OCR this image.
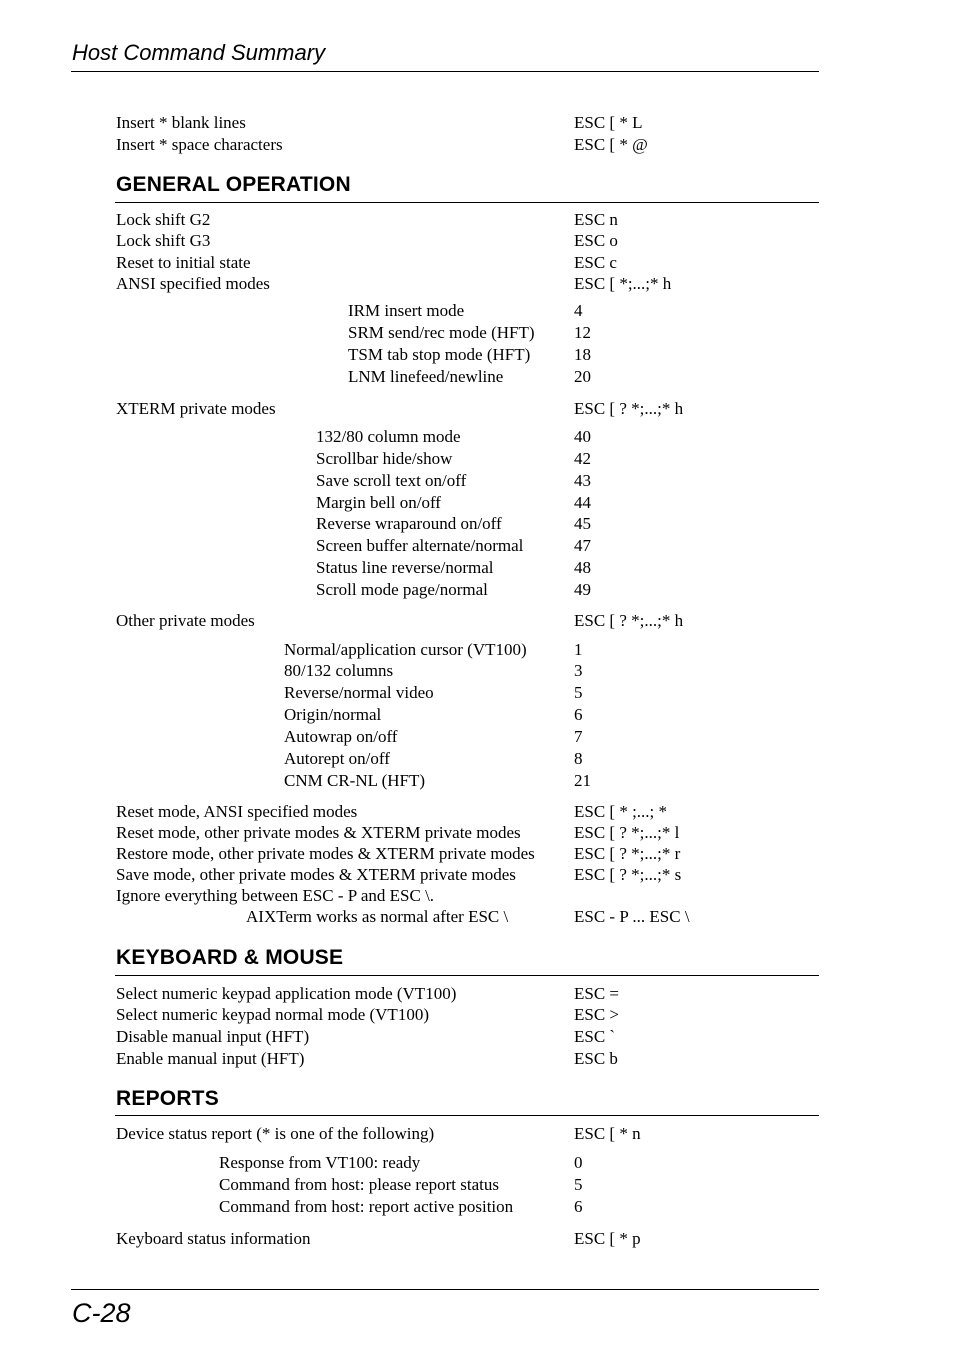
Host Command Summary
Insert * blank lines	ESC [ * L
Insert * space characters	ESC [ * @
GENERAL OPERATION
Lock shift G2	ESC n
Lock shift G3	ESC o
Reset to initial state	ESC c
ANSI specified modes	ESC [ *;...;* h
IRM insert mode	4
SRM send/rec mode (HFT) 12
TSM tab stop mode (HFT)	18
LNM linefeed/newline	20
XTERM private modes	ESC [ ? *;...;* h
132/80 column mode	40
Scrollbar hide/show	42
Save scroll text on/off	43
Margin bell on/off	44
Reverse wraparound on/off	45
Screen buffer alternate/normal	47
Status line reverse/normal	48
Scroll mode page/normal	49
Other private modes	ESC [ ? *;...;* h
Normal/application cursor (VT100)	1
80/132 columns	3
Reverse/normal video	5
Origin/normal	6
Autowrap on/off	7
Autorept on/off	8
CNM CR-NL (HFT)	21
Reset mode, ANSI specified modes	ESC [ * ;...; *
Reset mode, other private modes & XTERM private modes	ESC [ ? *;...;* l
Restore mode, other private modes & XTERM private modes ESC [ ? *;...;* r
Save mode, other private modes & XTERM private modes	ESC [ ? *;...;* s
Ignore everything between ESC - P and ESC \.
AIXTerm works as normal after ESC \	ESC - P ... ESC \
KEYBOARD & MOUSE
Select numeric keypad application mode (VT100)	ESC =
Select numeric keypad normal mode (VT100)	ESC >
Disable manual input (HFT)	ESC `
Enable manual input (HFT)	ESC b
REPORTS
Device status report (* is one of the following)	ESC [ * n
Response from VT100: ready	0
Command from host: please report status	5
Command from host: report active position	6
Keyboard status information	ESC [ * p
C-28
